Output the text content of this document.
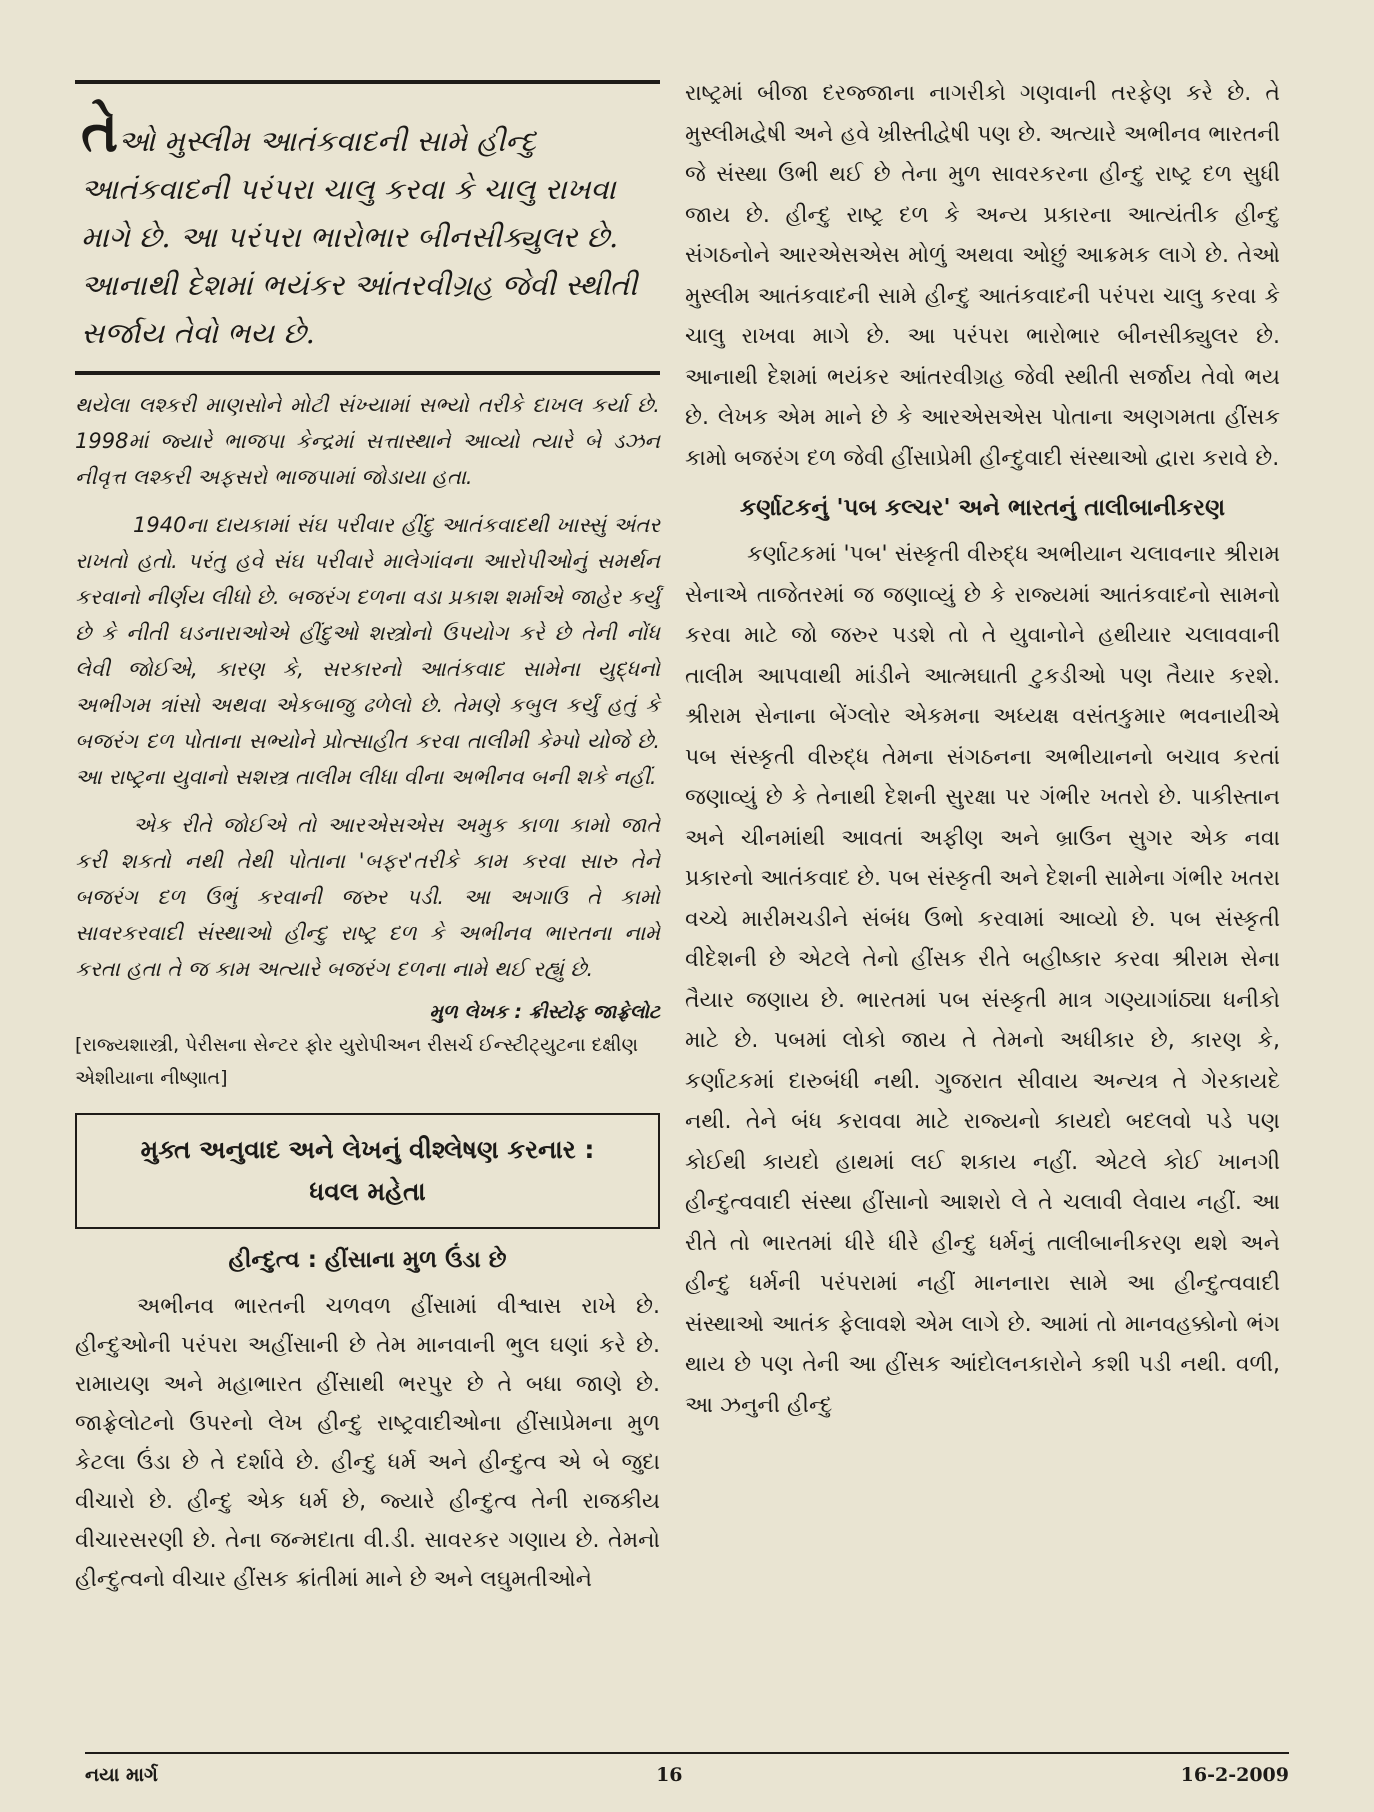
તેઓ મુસ્લીમ આતંકવાદની સામે હીન્દુ આતંકવાદની પરંપરા ચાલુ કરવા કે ચાલુ રાખવા માગે છે. આ પરંપરા ભારોભાર બીનસીક્યુલર છે. આનાથી દેશમાં ભયંકર આંતરવીગ્રહ જેવી સ્થીતી સર્જાય તેવો ભય છે.

થયેલા લશ્કરી માણસોને મોટી સંખ્યામાં સભ્યો તરીકે દાખલ કર્યા છે. 1998માં જ્યારે ભાજપા કેન્દ્રમાં સત્તાસ્થાને આવ્યો ત્યારે બે ડઝન નીવૃત્ત લશ્કરી અફસરો ભાજપામાં જોડાયા હતા.

1940ના દાયકામાં સંઘ પરીવાર હીંદુ આતંકવાદથી ખાસ્સું અંતર રાખતો હતો. પરંતુ હવે સંઘ પરીવારે માલેગાંવના આરોપીઓનું સમર્થન કરવાનો નીર્ણય લીધો છે. બજરંગ દળના વડા પ્રકાશ શર્માએ જાહેર કર્યું છે કે નીતી ઘડનારાઓએ હીંદુઓ શસ્ત્રોનો ઉપયોગ કરે છે તેની નોંધ લેવી જોઈએ, કારણ કે, સરકારનો આતંકવાદ સામેના યુદ્ધનો અભીગમ ત્રાંસો અથવા એકબાજુ ઢળેલો છે. તેમણે કબુલ કર્યું હતું કે બજરંગ દળ પોતાના સભ્યોને પ્રોત્સાહીત કરવા તાલીમી કેમ્પો યોજે છે. આ રાષ્ટ્રના યુવાનો સશસ્ત્ર તાલીમ લીધા વીના અભીનવ બની શકે નહીં.

એક રીતે જોઈએ તો આરએસએસ અમુક કાળા કામો જાતે કરી શકતો નથી તેથી પોતાના 'બફર'તરીકે કામ કરવા સારુ તેને બજરંગ દળ ઉભું કરવાની જરુર પડી. આ અગાઉ તે કામો સાવરકરવાદી સંસ્થાઓ હીન્દુ રાષ્ટ્ર દળ કે અભીનવ ભારતના નામે કરતા હતા તે જ કામ અત્યારે બજરંગ દળના નામે થઈ રહ્યું છે.

મુળ લેખક : ક્રીસ્ટોફ જાફ્રેલોટ

[રાજ્યશાસ્ત્રી, પેરીસના સેન્ટર ફોર યુરોપીઅન રીસર્ચ ઈન્સ્ટીટ્યુટના દક્ષીણ એશીયાના નીષ્ણાત]

મુક્ત અનુવાદ અને લેખનું વીશ્લેષણ કરનાર :
ધવલ મહેતા
હીન્દુત્વ : હીંસાના મુળ ઉંડા છે

અભીનવ ભારતની ચળવળ હીંસામાં વીશ્વાસ રાખે છે. હીન્દુઓની પરંપરા અહીંસાની છે તેમ માનવાની ભુલ ઘણાં કરે છે. રામાયણ અને મહાભારત હીંસાથી ભરપુર છે તે બધા જાણે છે. જાફ્રેલોટનો ઉપરનો લેખ હીન્દુ રાષ્ટ્રવાદીઓના હીંસાપ્રેમના મુળ કેટલા ઉંડા છે તે દર્શાવે છે. હીન્દુ ધર્મ અને હીન્દુત્વ એ બે જુદા વીચારો છે. હીન્દુ એક ધર્મ છે, જ્યારે હીન્દુત્વ તેની રાજકીય વીચારસરણી છે. તેના જન્મદાતા વી.ડી. સાવરકર ગણાય છે. તેમનો હીન્દુત્વનો વીચાર હીંસક ક્રાંતીમાં માને છે અને લઘુમતીઓને

રાષ્ટ્રમાં બીજા દરજ્જાના નાગરીકો ગણવાની તરફેણ કરે છે. તે મુસ્લીમદ્વેષી અને હવે ખ્રીસ્તીદ્વેષી પણ છે. અત્યારે અભીનવ ભારતની જે સંસ્થા ઉભી થઈ છે તેના મુળ સાવરકરના હીન્દુ રાષ્ટ્ર દળ સુધી જાય છે. હીન્દુ રાષ્ટ્ર દળ કે અન્ય પ્રકારના આત્યંતીક હીન્દુ સંગઠનોને આરએસએસ મોળું અથવા ઓછું આક્રમક લાગે છે. તેઓ મુસ્લીમ આતંકવાદની સામે હીન્દુ આતંકવાદની પરંપરા ચાલુ કરવા કે ચાલુ રાખવા માગે છે. આ પરંપરા ભારોભાર બીનસીક્યુલર છે. આનાથી દેશમાં ભયંકર આંતરવીગ્રહ જેવી સ્થીતી સર્જાય તેવો ભય છે. લેખક એમ માને છે કે આરએસએસ પોતાના અણગમતા હીંસક કામો બજરંગ દળ જેવી હીંસાપ્રેમી હીન્દુવાદી સંસ્થાઓ દ્વારા કરાવે છે.

કર્ણાટકનું 'પબ કલ્ચર' અને ભારતનું તાલીબાનીકરણ

કર્ણાટકમાં 'પબ' સંસ્કૃતી વીરુદ્ધ અભીયાન ચલાવનાર શ્રીરામ સેનાએ તાજેતરમાં જ જણાવ્યું છે કે રાજ્યમાં આતંકવાદનો સામનો કરવા માટે જો જરુર પડશે તો તે યુવાનોને હથીયાર ચલાવવાની તાલીમ આપવાથી માંડીને આત્મઘાતી ટુકડીઓ પણ તૈયાર કરશે. શ્રીરામ સેનાના બેંગ્લોર એકમના અધ્યક્ષ વસંતકુમાર ભવનાયીએ પબ સંસ્કૃતી વીરુદ્ધ તેમના સંગઠનના અભીયાનનો બચાવ કરતાં જણાવ્યું છે કે તેનાથી દેશની સુરક્ષા પર ગંભીર ખતરો છે. પાકીસ્તાન અને ચીનમાંથી આવતાં અફીણ અને બ્રાઉન સુગર એક નવા પ્રકારનો આતંકવાદ છે. પબ સંસ્કૃતી અને દેશની સામેના ગંભીર ખતરા વચ્ચે મારીમચડીને સંબંધ ઉભો કરવામાં આવ્યો છે. પબ સંસ્કૃતી વીદેશની છે એટલે તેનો હીંસક રીતે બહીષ્કાર કરવા શ્રીરામ સેના તૈયાર જણાય છે. ભારતમાં પબ સંસ્કૃતી માત્ર ગણ્યાગાંઠ્યા ધનીકો માટે છે. પબમાં લોકો જાય તે તેમનો અધીકાર છે, કારણ કે, કર્ણાટકમાં દારુબંધી નથી. ગુજરાત સીવાય અન્યત્ર તે ગેરકાયદે નથી. તેને બંધ કરાવવા માટે રાજ્યનો કાયદો બદલવો પડે પણ કોઈથી કાયદો હાથમાં લઈ શકાય નહીં. એટલે કોઈ ખાનગી હીન્દુત્વવાદી સંસ્થા હીંસાનો આશરો લે તે ચલાવી લેવાય નહીં. આ રીતે તો ભારતમાં ધીરે ધીરે હીન્દુ ધર્મનું તાલીબાનીકરણ થશે અને હીન્દુ ધર્મની પરંપરામાં નહીં માનનારા સામે આ હીન્દુત્વવાદી સંસ્થાઓ આતંક ફેલાવશે એમ લાગે છે. આમાં તો માનવહક્કોનો ભંગ થાય છે પણ તેની આ હીંસક આંદોલનકારોને કશી પડી નથી. વળી, આ ઝનુની હીન્દુ

નયા માર્ગ	16	16-2-2009
